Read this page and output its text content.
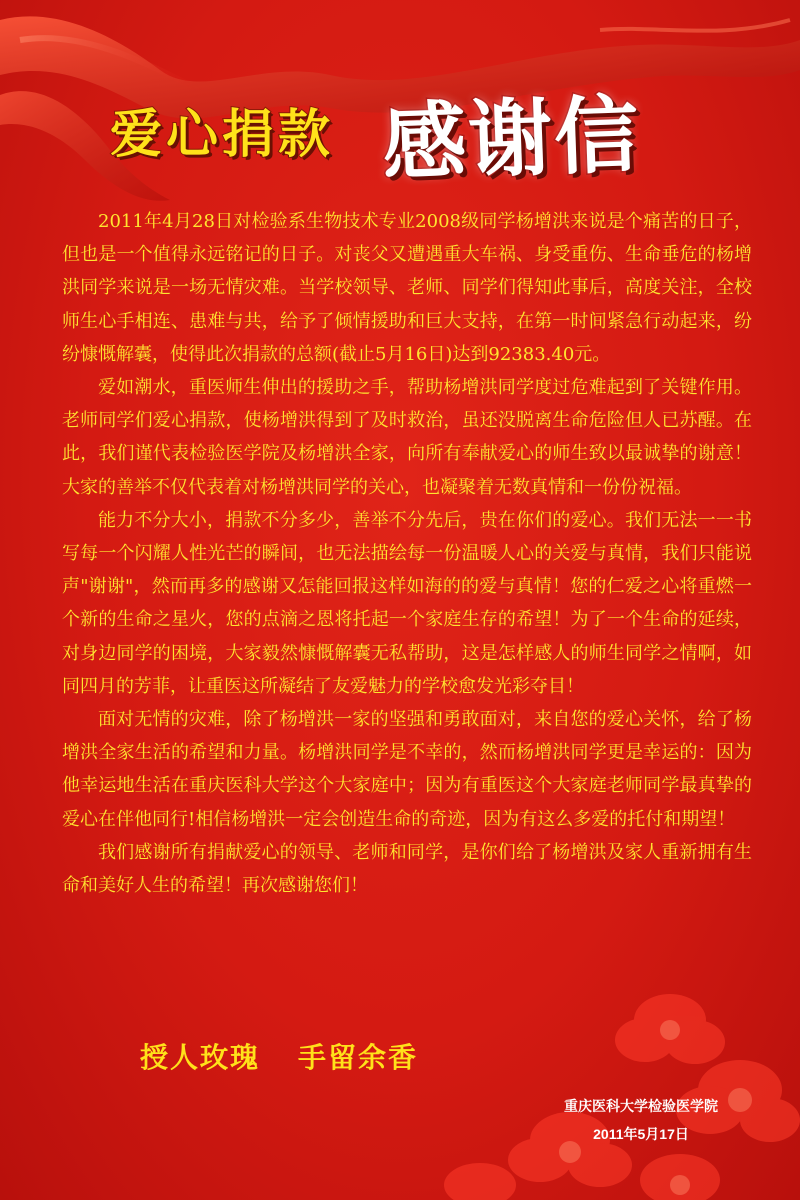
爱心捐款 感谢信

2011年4月28日对检验系生物技术专业2008级同学杨增洪来说是个痛苦的日子，但也是一个值得永远铭记的日子。对丧父又遭遇重大车祸、身受重伤、生命垂危的杨增洪同学来说是一场无情灾难。当学校领导、老师、同学们得知此事后，高度关注，全校师生心手相连、患难与共，给予了倾情援助和巨大支持，在第一时间紧急行动起来，纷纷慷慨解囊，使得此次捐款的总额(截止5月16日)达到92383.40元。

爱如潮水，重医师生伸出的援助之手，帮助杨增洪同学度过危难起到了关键作用。老师同学们爱心捐款，使杨增洪得到了及时救治，虽还没脱离生命危险但人已苏醒。在此，我们谨代表检验医学院及杨增洪全家，向所有奉献爱心的师生致以最诚挚的谢意！大家的善举不仅代表着对杨增洪同学的关心，也凝聚着无数真情和一份份祝福。

能力不分大小，捐款不分多少，善举不分先后，贵在你们的爱心。我们无法一一书写每一个闪耀人性光芒的瞬间，也无法描绘每一份温暖人心的关爱与真情，我们只能说声"谢谢"，然而再多的感谢又怎能回报这样如海的的爱与真情！您的仁爱之心将重燃一个新的生命之星火，您的点滴之恩将托起一个家庭生存的希望！为了一个生命的延续，对身边同学的困境，大家毅然慷慨解囊无私帮助，这是怎样感人的师生同学之情啊，如同四月的芳菲，让重医这所凝结了友爱魅力的学校愈发光彩夺目！

面对无情的灾难，除了杨增洪一家的坚强和勇敢面对，来自您的爱心关怀，给了杨增洪全家生活的希望和力量。杨增洪同学是不幸的，然而杨增洪同学更是幸运的：因为他幸运地生活在重庆医科大学这个大家庭中；因为有重医这个大家庭老师同学最真挚的爱心在伴他同行!相信杨增洪一定会创造生命的奇迹，因为有这么多爱的托付和期望！

我们感谢所有捐献爱心的领导、老师和同学，是你们给了杨增洪及家人重新拥有生命和美好人生的希望！再次感谢您们！

授人玫瑰 手留余香
重庆医科大学检验医学院
2011年5月17日
